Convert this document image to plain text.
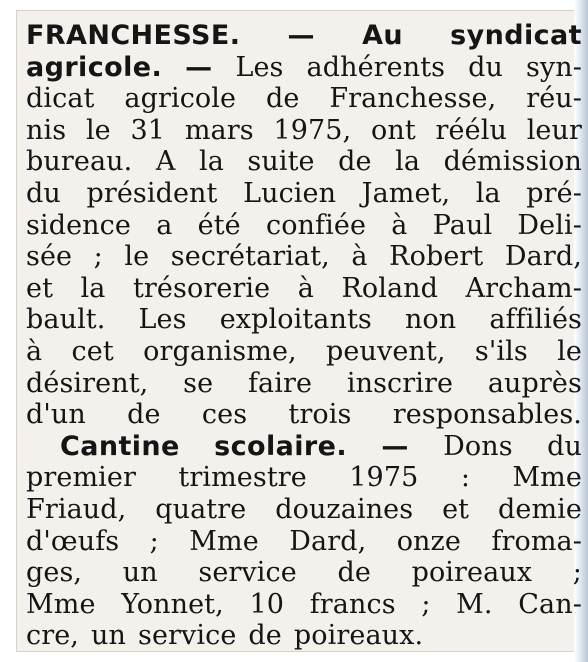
FRANCHESSE. — Au syndicat
agricole. — Les adhérents du syn-
dicat agricole de Franchesse, réu-
nis le 31 mars 1975, ont réélu leur
bureau. A la suite de la démission
du président Lucien Jamet, la pré-
sidence a été confiée à Paul Deli-
sée ; le secrétariat, à Robert Dard,
et la trésorerie à Roland Archam-
bault. Les exploitants non affiliés
à cet organisme, peuvent, s'ils le
désirent, se faire inscrire auprès
d'un de ces trois responsables.
Cantine scolaire. — Dons du
premier trimestre 1975 : Mme
Friaud, quatre douzaines et demie
d'œufs ; Mme Dard, onze froma-
ges, un service de poireaux ;
Mme Yonnet, 10 francs ; M. Can-
cre, un service de poireaux.
